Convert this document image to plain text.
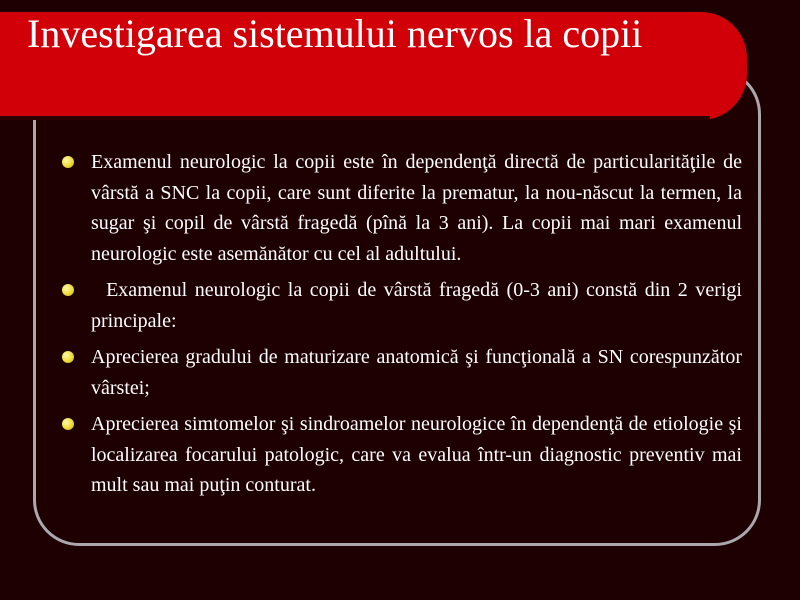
Investigarea sistemului nervos la copii
Examenul neurologic la copii este în dependenţă directă de particularităţile de vârstă a SNC la copii, care sunt diferite la prematur, la nou-născut la termen, la sugar şi copil de vârstă fragedă (pînă la 3 ani). La copii mai mari examenul neurologic este asemănător cu cel al adultului.
Examenul neurologic la copii de vârstă fragedă (0-3 ani) constă din 2 verigi principale:
Aprecierea gradului de maturizare anatomică şi funcţională a SN corespunzător vârstei;
Aprecierea simtomelor şi sindroamelor neurologice în dependenţă de etiologie şi localizarea focarului patologic, care va evalua într-un diagnostic preventiv mai mult sau mai puţin conturat.
